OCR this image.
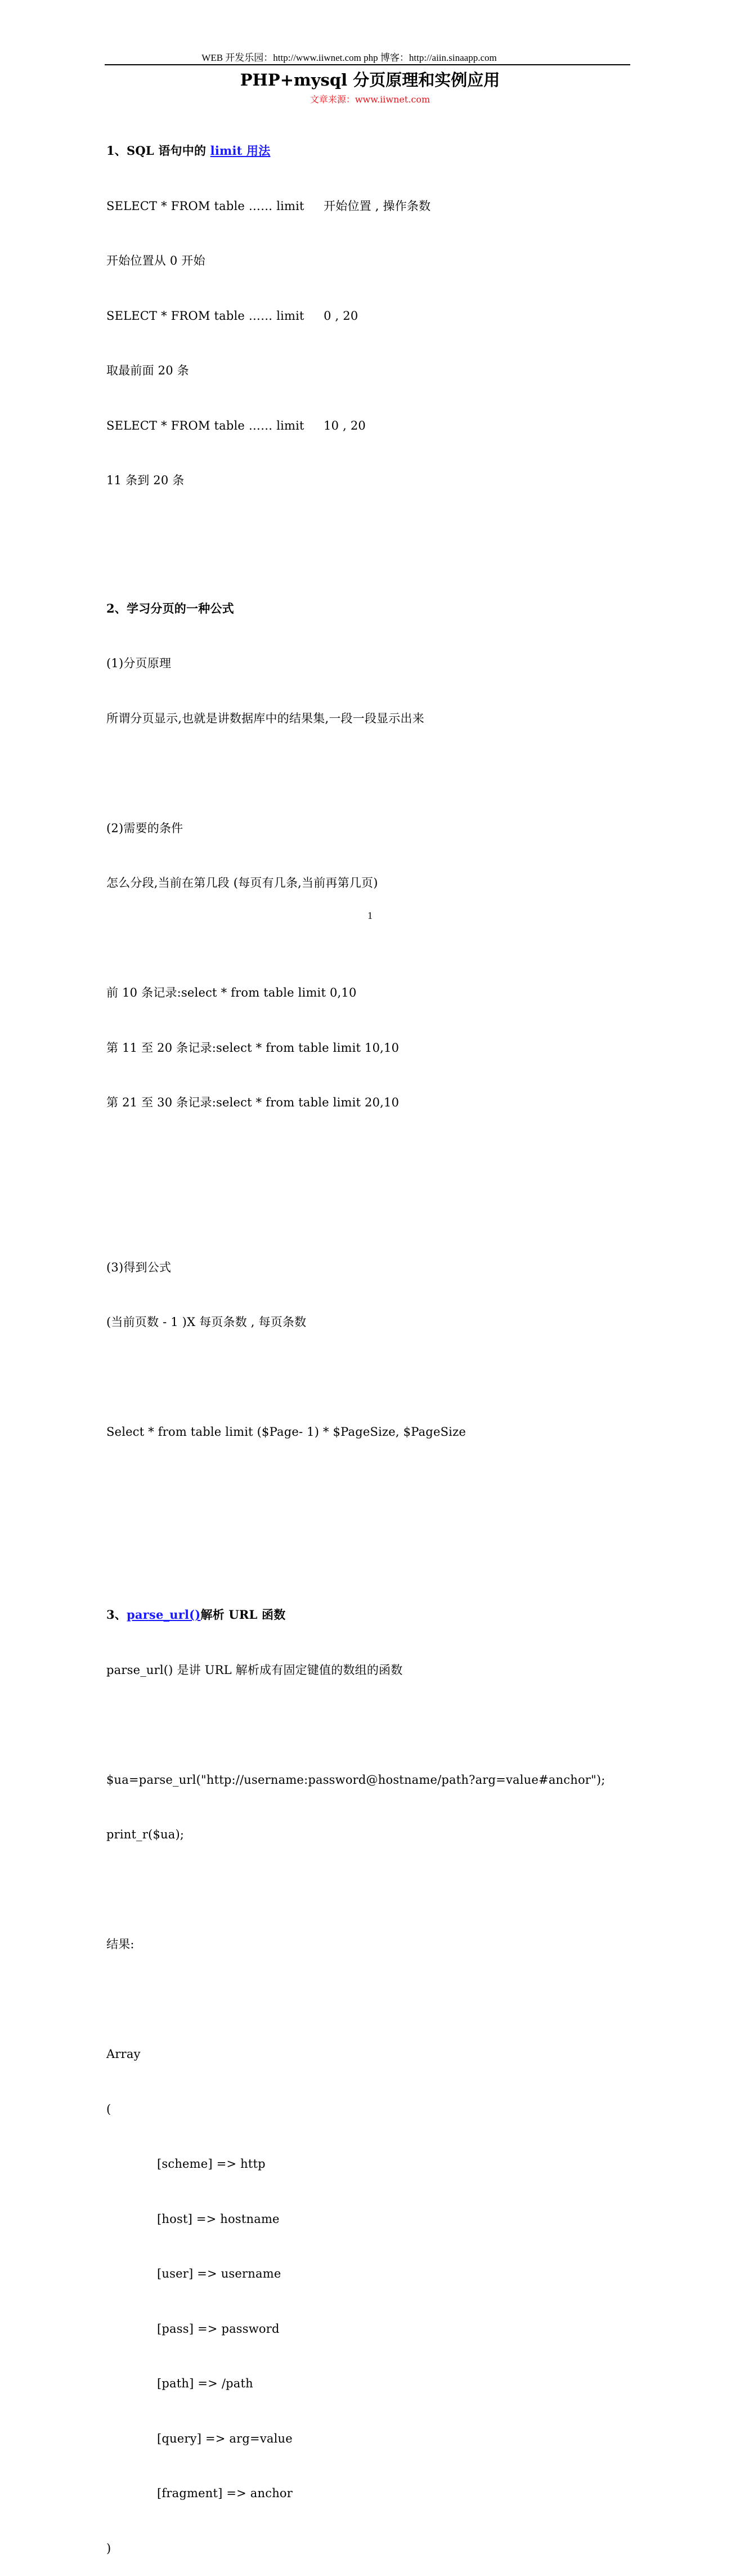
WEB 开发乐园：http://www.iiwnet.com php 博客：http://aiin.sinaapp.com
PHP+mysql 分页原理和实例应用
文章来源：www.iiwnet.com

1、SQL 语句中的 limit 用法

SELECT * FROM table …… limit     开始位置 , 操作条数

开始位置从 0 开始

SELECT * FROM table …… limit     0 , 20

取最前面 20 条

SELECT * FROM table …… limit     10 , 20

11 条到 20 条

2、学习分页的一种公式

(1)分页原理

所谓分页显示,也就是讲数据库中的结果集,一段一段显示出来

(2)需要的条件

怎么分段,当前在第几段 (每页有几条,当前再第几页)

前 10 条记录:select * from table limit 0,10

第 11 至 20 条记录:select * from table limit 10,10

第 21 至 30 条记录:select * from table limit 20,10

(3)得到公式

(当前页数 - 1 )X 每页条数 , 每页条数

Select * from table limit ($Page- 1) * $PageSize, $PageSize

3、parse_url()解析 URL 函数

parse_url() 是讲 URL 解析成有固定键值的数组的函数

$ua=parse_url("http://username:password@hostname/path?arg=value#anchor");

print_r($ua);

结果:

Array

(

[scheme] => http

[host] => hostname

[user] => username

[pass] => password

[path] => /path

[query] => arg=value

[fragment] => anchor

)

1
